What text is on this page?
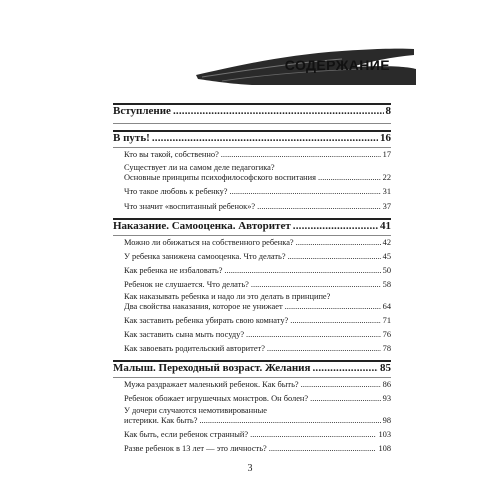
СОДЕРЖАНИЕ
Вступление .....	8
В путь! .....	16
Кто вы такой, собственно? .....	17
Существует ли на самом деле педагогика?
Основные принципы психофилософского воспитания .....	22
Что такое любовь к ребенку? .....	31
Что значит «воспитанный ребенок»? .....	37
Наказание. Самооценка. Авторитет .....	41
Можно ли обижаться на собственного ребенка? .....	42
У ребенка занижена самооценка. Что делать? .....	45
Как ребенка не избаловать? .....	50
Ребенок не слушается. Что делать? .....	58
Как наказывать ребенка и надо ли это делать в принципе?
Два свойства наказания, которое не унижает .....	64
Как заставить ребенка убирать свою комнату? .....	71
Как заставить сына мыть посуду? .....	76
Как завоевать родительский авторитет? .....	78
Малыш. Переходный возраст. Желания .....	85
Мужа раздражает маленький ребенок. Как быть? .....	86
Ребенок обожает игрушечных монстров. Он болен? .....	93
У дочери случаются немотивированные
истерики. Как быть? .....	98
Как быть, если ребенок странный? .....	103
Разве ребенок в 13 лет — это личность? .....	108
3
